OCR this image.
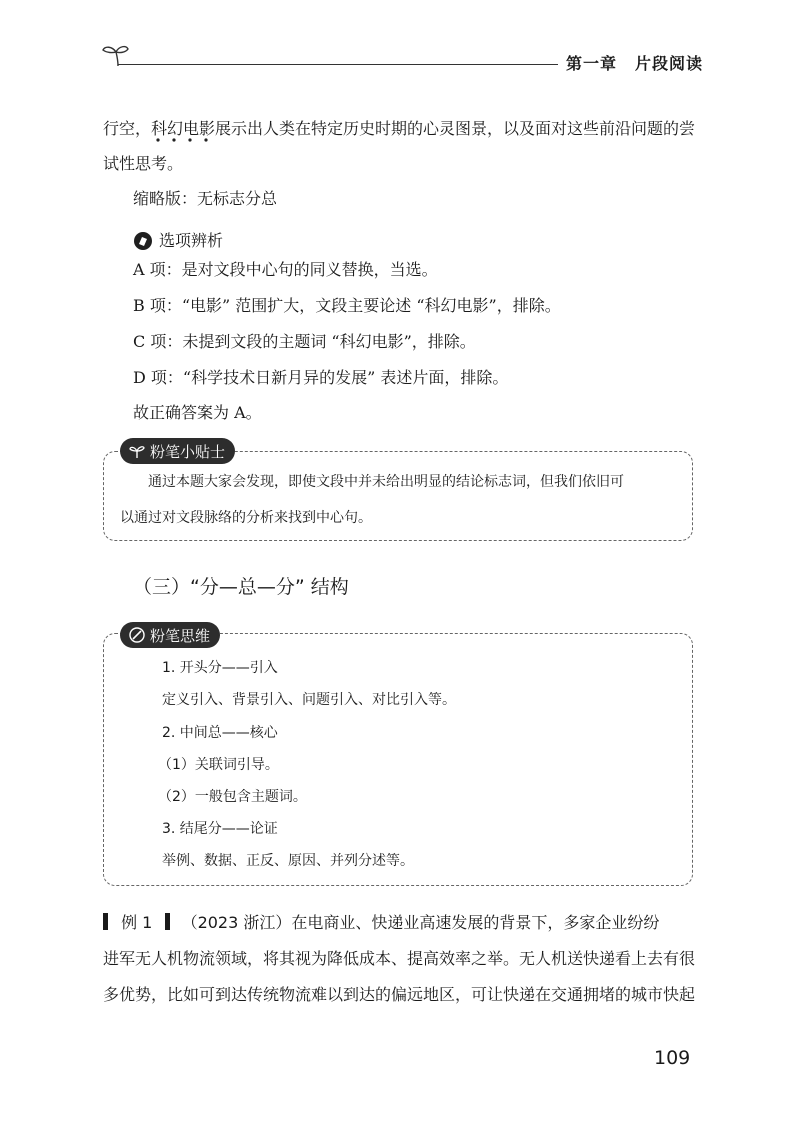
第一章 片段阅读
行空，科幻电影展示出人类在特定历史时期的心灵图景，以及面对这些前沿问题的尝
试性思考。
缩略版：无标志分总
选项辨析
A 项：是对文段中心句的同义替换，当选。
B 项：“电影” 范围扩大，文段主要论述 “科幻电影”，排除。
C 项：未提到文段的主题词 “科幻电影”，排除。
D 项：“科学技术日新月异的发展” 表述片面，排除。
故正确答案为 A。
粉笔小贴士
通过本题大家会发现，即使文段中并未给出明显的结论标志词，但我们依旧可
以通过对文段脉络的分析来找到中心句。
（三）“分—总—分” 结构
粉笔思维
1. 开头分——引入
定义引入、背景引入、问题引入、对比引入等。
2. 中间总——核心
（1）关联词引导。
（2）一般包含主题词。
3. 结尾分——论证
举例、数据、正反、原因、并列分述等。
例 1 （2023 浙江）在电商业、快递业高速发展的背景下，多家企业纷纷
进军无人机物流领域，将其视为降低成本、提高效率之举。无人机送快递看上去有很
多优势，比如可到达传统物流难以到达的偏远地区，可让快递在交通拥堵的城市快起
109
